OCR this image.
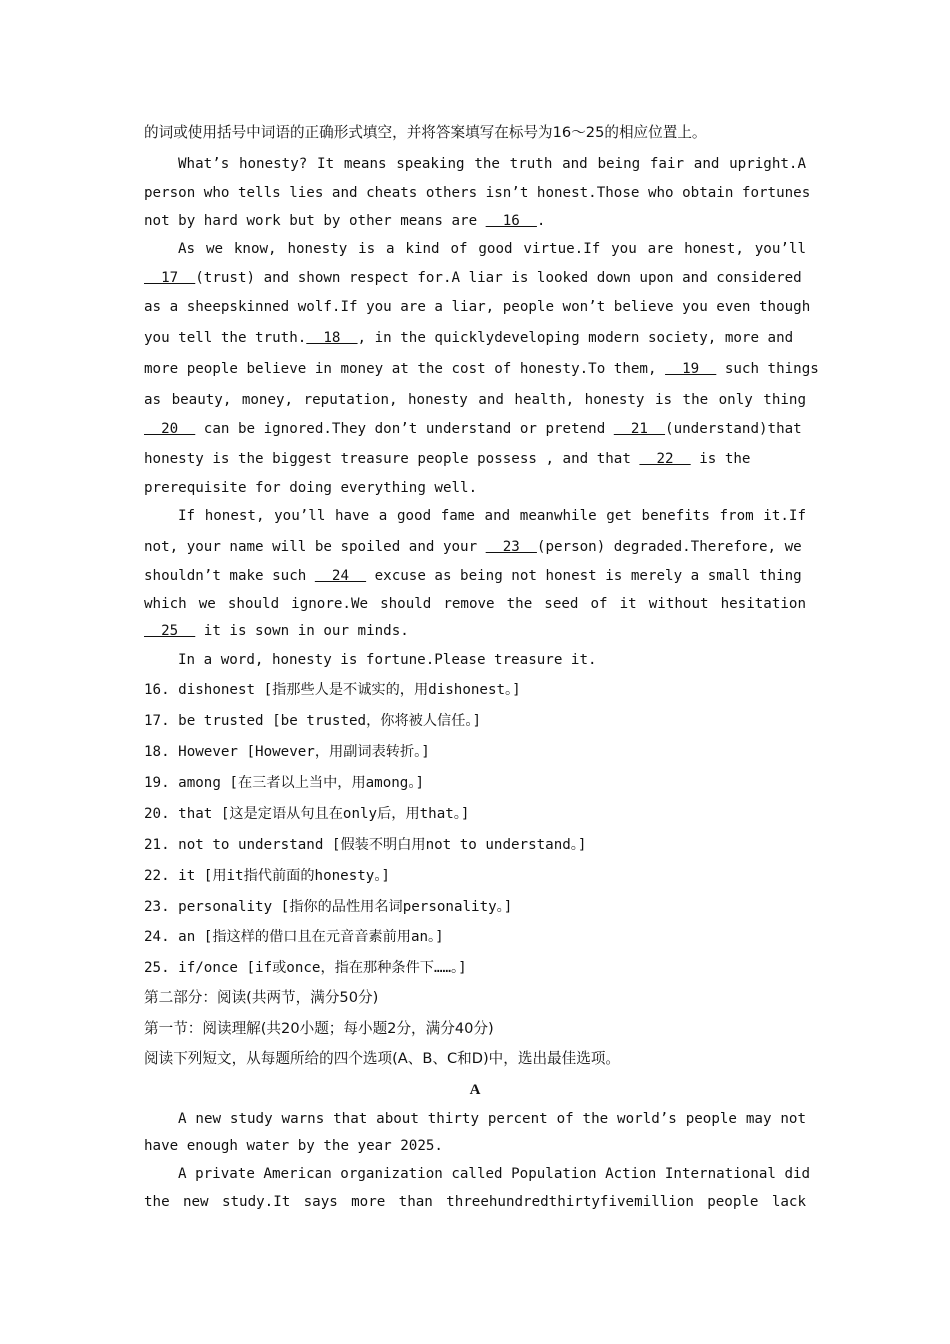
的词或使用括号中词语的正确形式填空，并将答案填写在标号为16～25的相应位置上。
What’s honesty? It means speaking the truth and being fair and upright.A
person who tells lies and cheats others isn’t honest.Those who obtain fortunes
not by hard work but by other means are   16  .
As we know, honesty is a kind of good virtue.If you are honest, you’ll
17  (trust) and shown respect for.A liar is looked down upon and considered
as a sheepskinned wolf.If you are a liar, people won’t believe you even though
you tell the truth.  18  , in the quicklydeveloping modern society, more and
more people believe in money at the cost of honesty.To them,   19   such things
as beauty, money, reputation, honesty and health, honesty is the only thing
20   can be ignored.They don’t understand or pretend   21  (understand)that
honesty is the biggest treasure people possess , and that   22   is the
prerequisite for doing everything well.
If honest, you’ll have a good fame and meanwhile get benefits from it.If
not, your name will be spoiled and your   23  (person) degraded.Therefore, we
shouldn’t make such   24   excuse as being not honest is merely a small thing
which we should ignore.We should remove the seed of it without hesitation
25   it is sown in our minds.
In a word, honesty is fortune.Please treasure it.
16. dishonest [指那些人是不诚实的，用dishonest。]
17. be trusted [be trusted，你将被人信任。]
18. However [However，用副词表转折。]
19. among [在三者以上当中，用among。]
20. that [这是定语从句且在only后，用that。]
21. not to understand [假装不明白用not to understand。]
22. it [用it指代前面的honesty。]
23. personality [指你的品性用名词personality。]
24. an [指这样的借口且在元音音素前用an。]
25. if/once [if或once，指在那种条件下……。]
第二部分：阅读(共两节，满分50分)
第一节：阅读理解(共20小题；每小题2分，满分40分)
阅读下列短文，从每题所给的四个选项(A、B、C和D)中，选出最佳选项。
A
A new study warns that about thirty percent of the world’s people may not
have enough water by the year 2025.
A private American organization called Population Action International did
the new study.It says more than threehundredthirtyfivemillion people lack
